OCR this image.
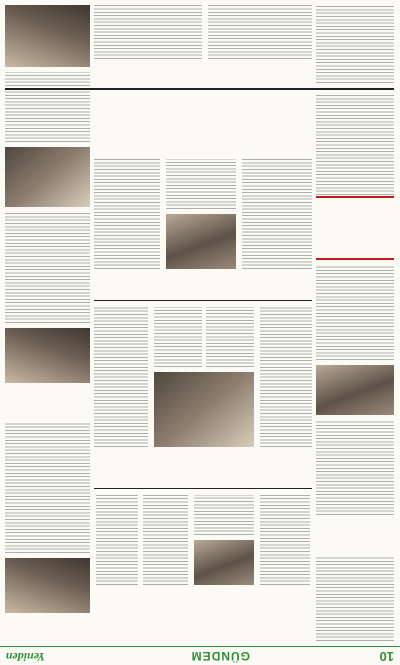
10
GÜNDEM
Yeniden
